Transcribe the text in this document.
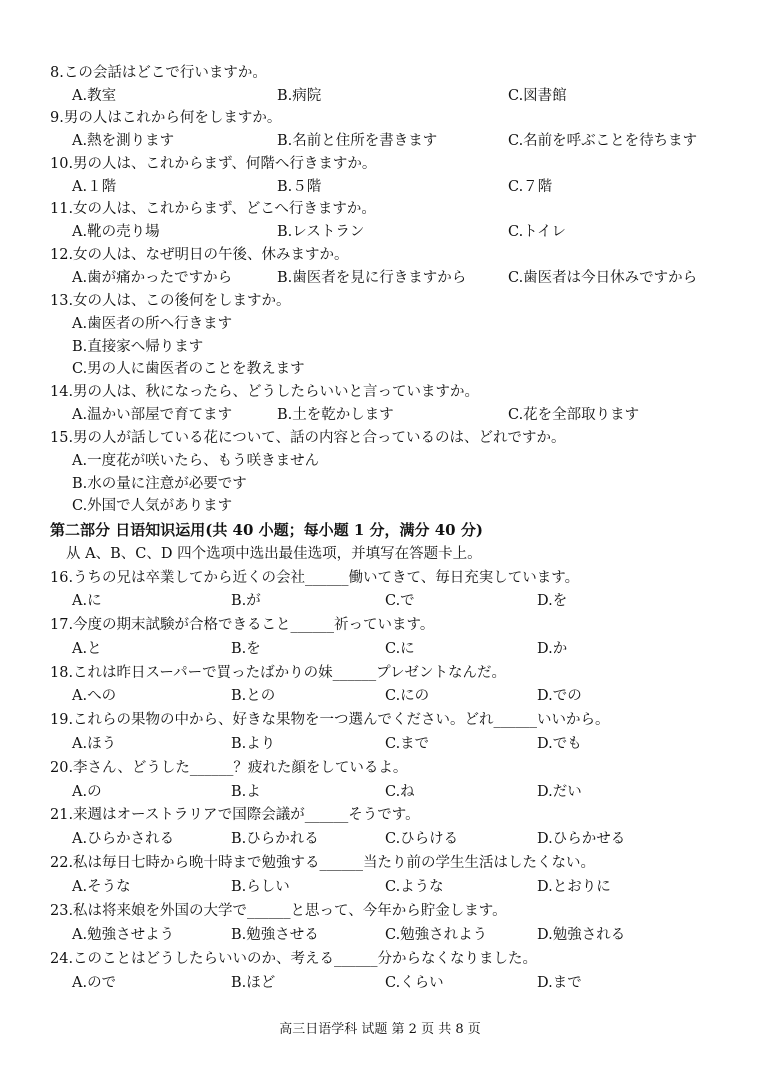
8.この会話はどこで行いますか。
A.教室	B.病院	C.図書館
9.男の人はこれから何をしますか。
A.熱を測ります	B.名前と住所を書きます	C.名前を呼ぶことを待ちます
10.男の人は、これからまず、何階へ行きますか。
A.１階	B.５階	C.７階
11.女の人は、これからまず、どこへ行きますか。
A.靴の売り場	B.レストラン	C.トイレ
12.女の人は、なぜ明日の午後、休みますか。
A.歯が痛かったですから	B.歯医者を見に行きますから	C.歯医者は今日休みですから
13.女の人は、この後何をしますか。
A.歯医者の所へ行きます
B.直接家へ帰ります
C.男の人に歯医者のことを教えます
14.男の人は、秋になったら、どうしたらいいと言っていますか。
A.温かい部屋で育てます	B.土を乾かします	C.花を全部取ります
15.男の人が話している花について、話の内容と合っているのは、どれですか。
A.一度花が咲いたら、もう咲きません
B.水の量に注意が必要です
C.外国で人気があります
第二部分 日语知识运用(共 40 小题；每小题 1 分，满分 40 分)
从 A、B、C、D 四个选项中选出最佳选项，并填写在答题卡上。
16.うちの兄は卒業してから近くの会社______働いてきて、毎日充実しています。
A.に	B.が	C.で	D.を
17.今度の期末試験が合格できること______祈っています。
A.と	B.を	C.に	D.か
18.これは昨日スーパーで買ったばかりの妹______プレゼントなんだ。
A.への	B.との	C.にの	D.での
19.これらの果物の中から、好きな果物を一つ選んでください。どれ______いいから。
A.ほう	B.より	C.まで	D.でも
20.李さん、どうした______？疲れた顔をしているよ。
A.の	B.よ	C.ね	D.だい
21.来週はオーストラリアで国際会議が______そうです。
A.ひらかされる	B.ひらかれる	C.ひらける	D.ひらかせる
22.私は毎日七時から晩十時まで勉強する______当たり前の学生生活はしたくない。
A.そうな	B.らしい	C.ような	D.とおりに
23.私は将来娘を外国の大学で______と思って、今年から貯金します。
A.勉強させよう	B.勉強させる	C.勉強されよう	D.勉強される
24.このことはどうしたらいいのか、考える______分からなくなりました。
A.ので	B.ほど	C.くらい	D.まで
高三日语学科 试题 第 2 页 共 8 页
